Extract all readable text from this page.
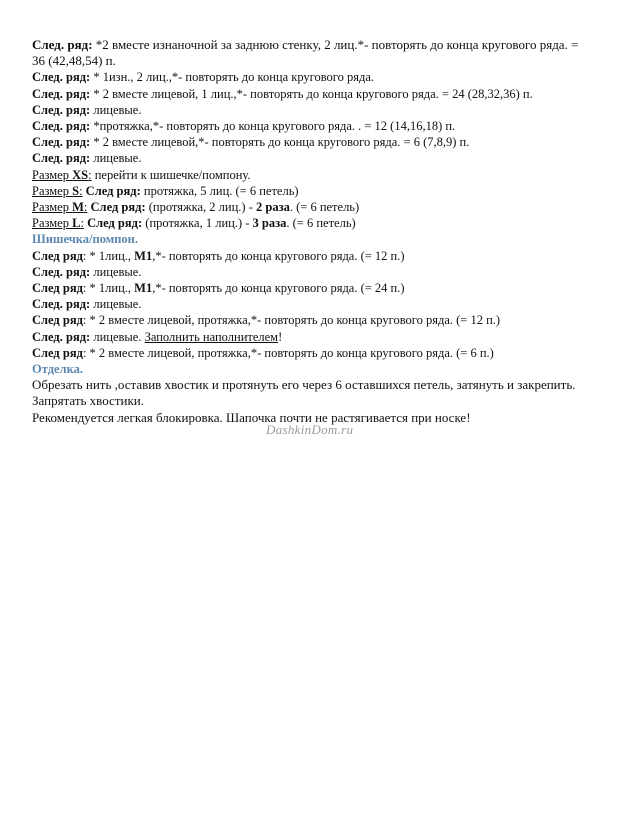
След. ряд: *2 вместе изнаночной за заднюю стенку, 2 лиц.*- повторять до конца кругового ряда. = 36 (42,48,54) п.
След. ряд: * 1изн., 2 лиц.,*- повторять до конца кругового ряда.
След. ряд: * 2 вместе лицевой, 1 лиц.,*- повторять до конца кругового ряда. = 24 (28,32,36) п.
След. ряд: лицевые.
След. ряд: *протяжка,*- повторять до конца кругового ряда. . = 12 (14,16,18) п.
След. ряд: * 2 вместе лицевой,*- повторять до конца кругового ряда. = 6 (7,8,9) п.
След. ряд: лицевые.
Размер XS: перейти к шишечке/помпону.
Размер S: След ряд: протяжка, 5 лиц. (= 6 петель)
Размер M: След ряд: (протяжка, 2 лиц.) - 2 раза. (= 6 петель)
Размер L: След ряд: (протяжка, 1 лиц.) - 3 раза. (= 6 петель)
Шишечка/помпон.
След ряд: * 1лиц., М1,*- повторять до конца кругового ряда. (= 12 п.)
След. ряд: лицевые.
След ряд: * 1лиц., М1,*- повторять до конца кругового ряда. (= 24 п.)
След. ряд: лицевые.
След ряд: * 2 вместе лицевой, протяжка,*- повторять до конца кругового ряда. (= 12 п.)
След. ряд: лицевые. Заполнить наполнителем!
След ряд: * 2 вместе лицевой, протяжка,*- повторять до конца кругового ряда. (= 6 п.)
Отделка.
Обрезать нить ,оставив хвостик и протянуть его через 6 оставшихся петель, затянуть и закрепить. Запрятать хвостики.
Рекомендуется легкая блокировка. Шапочка почти не растягивается при носке!
DashkinDom.ru
